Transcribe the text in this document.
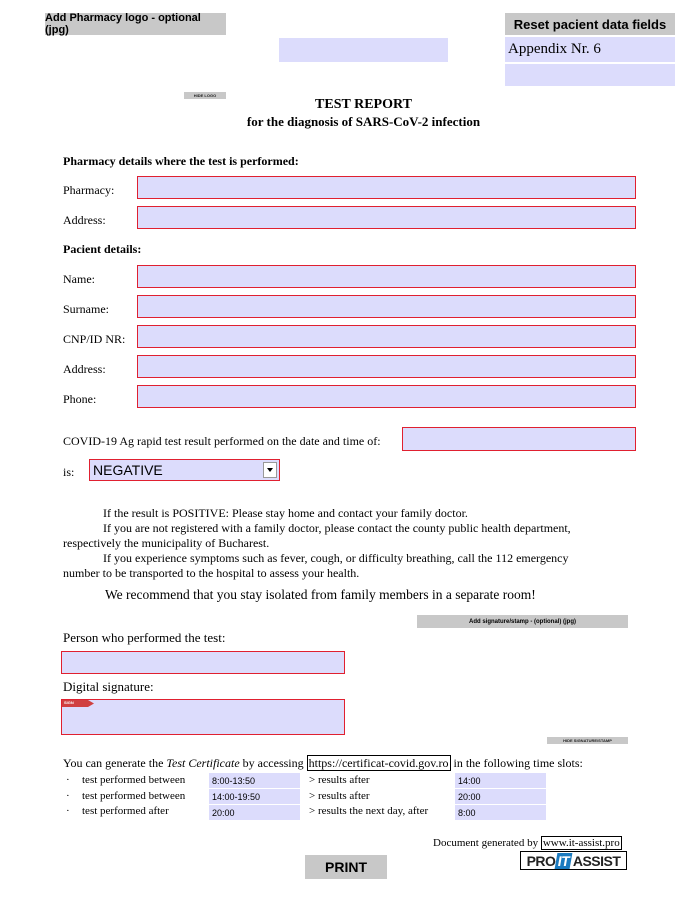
Add Pharmacy logo - optional (jpg)	Reset pacient data fields
Appendix Nr. 6
HIDE LOGO
TEST REPORT
for the diagnosis of SARS-CoV-2 infection
Pharmacy details where the test is performed:
Pharmacy:
Address:
Pacient details:
Name:
Surname:
CNP/ID NR:
Address:
Phone:
COVID-19 Ag rapid test result performed on the date and time of:
is: NEGATIVE
If the result is POSITIVE: Please stay home and contact your family doctor.
If you are not registered with a family doctor, please contact the county public health department,
respectively the municipality of Bucharest.
If you experience symptoms such as fever, cough, or difficulty breathing, call the 112 emergency
number to be transported to the hospital to assess your health.
We recommend that you stay isolated from family members in a separate room!
Add signature/stamp - (optional) (jpg)
Person who performed the test:
Digital signature:
SIGN
HIDE SIGNATURE/STAMP
You can generate the Test Certificate by accessing https://certificat-covid.gov.ro in the following time slots:
· test performed between	8:00-13:50	> results after	14:00
· test performed between	14:00-19:50	> results after	20:00
· test performed after	20:00	> results the next day, after	8:00
Document generated by www.it-assist.pro
PRINT	PRO IT ASSIST
